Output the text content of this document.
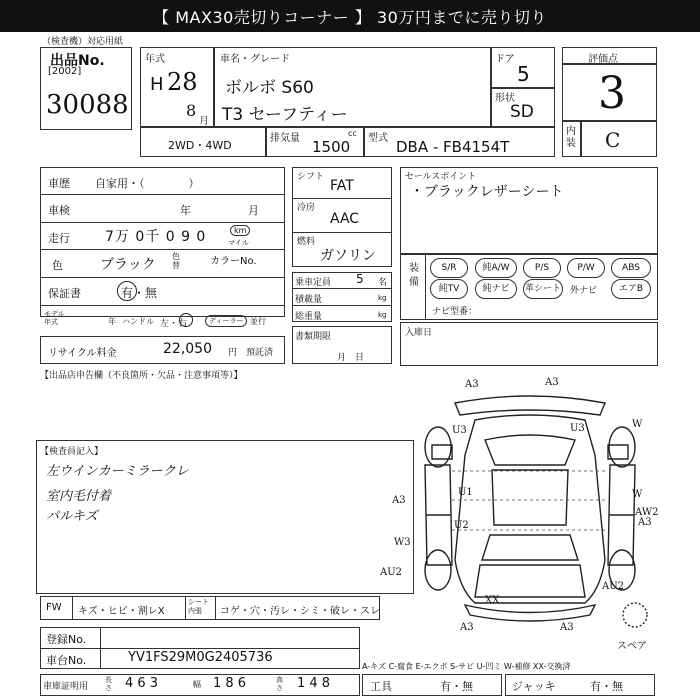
【 MAX30売切りコーナー 】 30万円までに売り切り
（検査機）対応用紙
出品No.
[2002]
30088
年式
H 28
8
月
車名・グレード
ボルボ S60
T3 セーフティー
ドア
5
形状
SD
評価点
3
内装 C
2WD・4WD
排気量	cc
1500 型式 DBA - FB4154T
車歴 自家用・（　　　　）
車検	年	月
走行	7万 0千 0 9 0	km
マイル
色	ブラック
色替	カラーNo.
保証書	有・無
モデル年式	年 ハンドル 左・右	ディーラー 並行
リサイクル料金	22,050 円 預託済
【出品店申告欄（不良箇所・欠品・注意事項等）】
シフト
FAT
冷房
AAC
燃料
ガソリン
乗車定員 5 名
積載量	kg
総重量	kg
書類期限
月　日
セールスポイント
・ブラックレザーシート
装備
S/R	純A/W	P/S	P/W	ABS
純TV	純ナビ	革シート 外ナビ	エアB
ナビ型番：
入庫日
【検査員記入】
左ウインカーミラークレ
室内毛付着
パルキズ
A3	A3
U3	U3	W
U1
U2
W3
AU2
AU2
A3
A3	A3
W
A3
AW2
XX
スペア
FW キズ・ヒビ・割レX
シート 内張	コゲ・穴・汚レ・シミ・破レ・スレ
登録No.
車台No.	YV1FS29M0G2405736
車庫証明用
長さ 4 6 3	幅 1 8 6	高さ 1 4 8
A-キズ C-腐食 E-エクボ S-サビ U-凹ミ W-補修 XX-交換済
工具	有・無	ジャッキ	有・無
